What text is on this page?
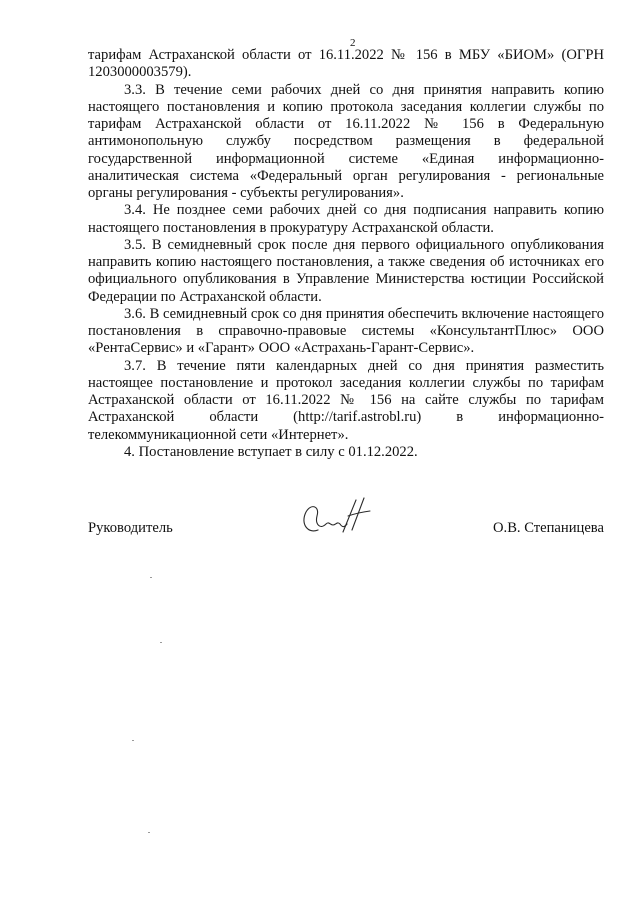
2

тарифам Астраханской области от 16.11.2022 № 156 в МБУ «БИОМ» (ОГРН 1203000003579).

3.3. В течение семи рабочих дней со дня принятия направить копию настоящего постановления и копию протокола заседания коллегии службы по тарифам Астраханской области от 16.11.2022 № 156 в Федеральную антимонопольную службу посредством размещения в федеральной государственной информационной системе «Единая информационно-аналитическая система «Федеральный орган регулирования - региональные органы регулирования - субъекты регулирования».

3.4. Не позднее семи рабочих дней со дня подписания направить копию настоящего постановления в прокуратуру Астраханской области.

3.5. В семидневный срок после дня первого официального опубликования направить копию настоящего постановления, а также сведения об источниках его официального опубликования в Управление Министерства юстиции Российской Федерации по Астраханской области.

3.6. В семидневный срок со дня принятия обеспечить включение настоящего постановления в справочно-правовые системы «КонсультантПлюс» ООО «РентаСервис» и «Гарант» ООО «Астрахань-Гарант-Сервис».

3.7. В течение пяти календарных дней со дня принятия разместить настоящее постановление и протокол заседания коллегии службы по тарифам Астраханской области от 16.11.2022 № 156 на сайте службы по тарифам Астраханской области (http://tarif.astrobl.ru) в информационно-телекоммуникационной сети «Интернет».

4. Постановление вступает в силу с 01.12.2022.

Руководитель	О.В. Степаницева
